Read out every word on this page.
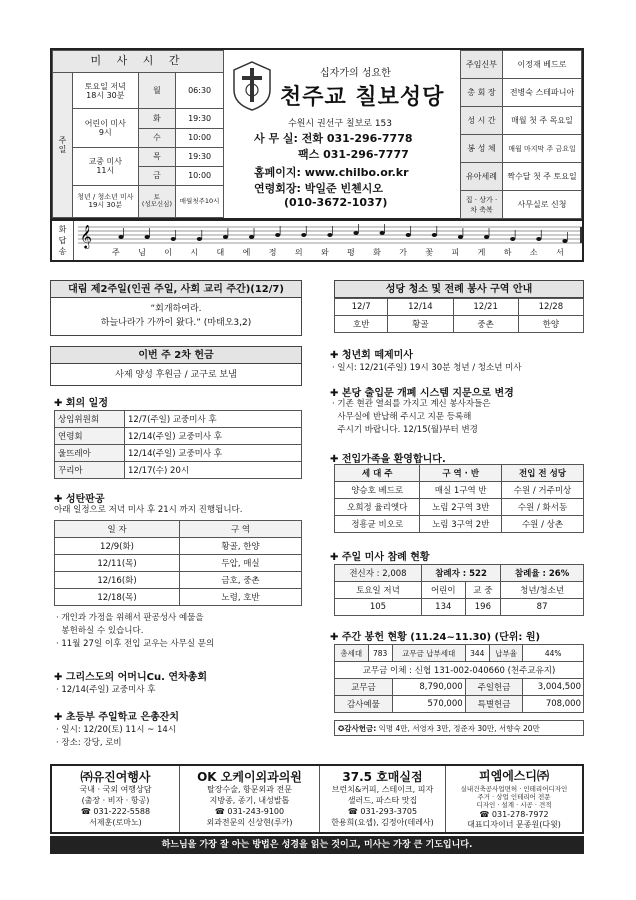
미 사 시 간			
주일	토요일 저녁
18시 30분	월	06:30
	어린이 미사
9시	화	19:30
		수	10:00
	교중 미사
11시	목	19:30
		금	10:00
	청년 / 청소년 미사
19시 30분	토
(성모신심)	매월첫주10시
십자가의 성요한
천주교 칠보성당
수원시 권선구 칠보로 153
사 무 실: 전화 031-296-7778
팩스 031-296-7777
홈페이지: www.chilbo.or.kr
연령회장: 박일준 빈첸시오
(010-3672-1037)
주임신부	이정재 베드로
총 회 장	전병숙 스테파니아
성 시 간	매월 첫 주 목요일
봉 성 체	매월 마지막 주 금요일
유아세례	짝수달 첫 주 토요일
집 · 상가 ·
차 축복	사무실로 신청
화
답
송
𝄞
주 님 이 시 대 에 정 의 와 평 화 가 꽃 피 게 하 소 서
대림 제2주일(인권 주일, 사회 교리 주간)(12/7)
“회개하여라.
하늘나라가 가까이 왔다.” (마태오3,2)
이번 주 2차 헌금
사제 양성 후원금 / 교구로 보냄
✚ 회의 일정
상임위원회	12/7(주일) 교중미사 후
연령회	12/14(주일) 교중미사 후
울뜨레아	12/14(주일) 교중미사 후
꾸리아	12/17(수) 20시
✚ 성탄판공
아래 일정으로 저녁 미사 후 21시 까지 진행됩니다.
일 자	구 역
12/9(화)	황골, 한양
12/11(목)	두압, 매실
12/16(화)	금호, 중촌
12/18(목)	노령, 호반
· 개인과 가정을 위해서 판공성사 예물을
봉헌하실 수 있습니다.
· 11월 27일 이후 전입 교우는 사무실 문의
✚ 그리스도의 어머니Cu. 연차총회
· 12/14(주일) 교중미사 후
✚ 초등부 주일학교 은총잔치
· 일시: 12/20(토) 11시 ~ 14시
· 장소: 강당, 로비
성당 청소 및 전례 봉사 구역 안내
12/7	12/14	12/21	12/28
호반	황골	중촌	한양
✚ 청년회 떼제미사
· 일시: 12/21(주일) 19시 30분 청년 / 청소년 미사
✚ 본당 출입문 개폐 시스템 지문으로 변경
· 기존 현관 열쇠를 가지고 계신 봉사자들은
사무실에 반납해 주시고 지문 등록해
주시기 바랍니다. 12/15(월)부터 변경
✚ 전입가족을 환영합니다.
세 대 주	구 역 · 반	전입 전 성당
양승호 베드로	매실 1구역 반	수원 / 거주미상
오희정 율리엣다	노림 2구역 3반	수원 / 화서동
정흥균 비오로	노림 3구역 2반	수원 / 상촌
✚ 주일 미사 참례 현황
전신자 : 2,008	참례자 : 522		참례율 : 26%
토요일 저녁	어린이	교 중	청년/청소년
105	134	196	87
✚ 주간 봉헌 현황 (11.24~11.30) (단위: 원)
총세대	783	교무금 납부세대	344	납부율	44%
교무금 이체 : 신협 131-002-040660 (천주교유지)					
교무금		8,790,000	주일헌금		3,004,500
감사예물		570,000	특별헌금		708,000
✪감사헌금: 익명 4만, 서영자 3만, 정준자 30만, 서향숙 20만
㈜유진여행사
국내 · 국외 여행상담
(출장 · 비자 · 항공)
☎ 031-222-5588
서제훈(로마노)
OK 오케이외과의원
탈장수술, 항문외과 전문
지방종, 종기, 내성발톱
☎ 031-243-9100
외과전문의 신상현(루카)
37.5 호매실점
브런치&커피, 스테이크, 피자
샐러드, 파스타 맛집
☎ 031-293-3705
한용희(요셉), 김정아(데레사)
피엠에스디㈜
실내건축공사업면허 · 인테리어디자인
주거 · 상업 인테리어 전문
디자인 · 설계 · 시공 · 견적
☎ 031-278-7972
대표디자이너 문종원(다윗)
하느님을 가장 잘 아는 방법은 성경을 읽는 것이고, 미사는 가장 큰 기도입니다.
